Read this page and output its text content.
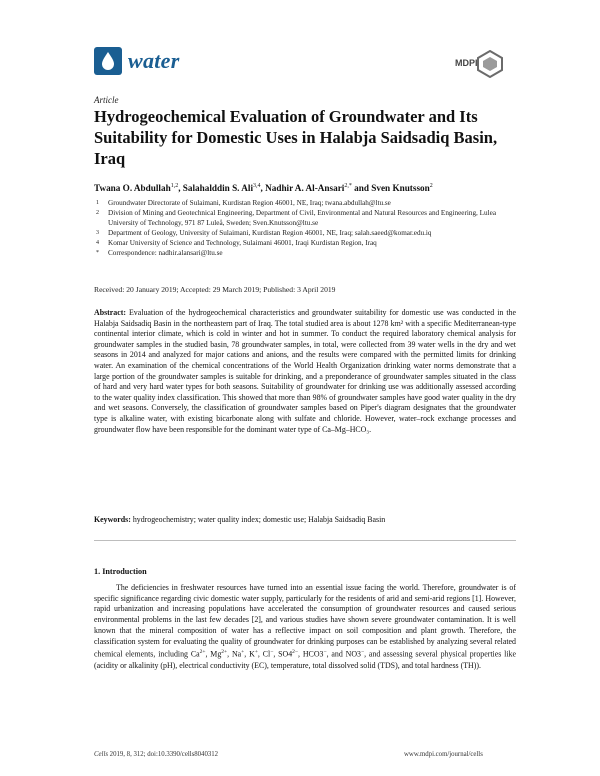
water	MDPI
Article
Hydrogeochemical Evaluation of Groundwater and Its Suitability for Domestic Uses in Halabja Saidsadiq Basin, Iraq
Twana O. Abdullah$^{1,2}$, Salahalddin S. Ali$^{3,4}$, Nadhir A. Al-Ansari$^{2,*}$ and Sven Knutsson$^2$
1 Groundwater Directorate of Sulaimani, Kurdistan Region 46001, NE, Iraq; twana.abdullah@ltu.se
2 Division of Mining and Geotechnical Engineering, Department of Civil, Environmental and Natural Resources and Engineering, Lulea University of Technology, 971 87 Luleå, Sweden; Sven.Knutsson@ltu.se
3 Department of Geology, University of Sulaimani, Kurdistan Region 46001, NE, Iraq; salah.saeed@komar.edu.iq
4 Komar University of Science and Technology, Sulaimani 46001, Iraqi Kurdistan Region, Iraq
* Correspondence: nadhir.alansari@ltu.se
Received: 20 January 2019; Accepted: 29 March 2019; Published: 3 April 2019

Abstract: Evaluation of the hydrogeochemical characteristics and groundwater suitability for domestic use was conducted in the Halabja Saidsadiq Basin in the northeastern part of Iraq. The total studied area is about 1278 km² with a specific Mediterranean-type continental interior climate, which is cold in winter and hot in summer. To conduct the required laboratory chemical analysis for groundwater samples in the studied basin, 78 groundwater samples, in total, were collected from 39 water wells in the dry and wet seasons in 2014 and analyzed for major cations and anions, and the results were compared with the permitted limits for drinking water. An examination of the chemical concentrations of the World Health Organization drinking water norms demonstrate that a large portion of the groundwater samples is suitable for drinking, and a preponderance of groundwater samples situated in the class of hard and very hard water types for both seasons. Suitability of groundwater for drinking use was additionally assessed according to the water quality index classification. This showed that more than 98% of groundwater samples have good water quality in the dry and wet seasons. Conversely, the classification of groundwater samples based on Piper's diagram designates that the groundwater type is alkaline water, with existing bicarbonate along with sulfate and chloride. However, water–rock exchange processes and groundwater flow have been responsible for the dominant water type of Ca–Mg–HCO₃.

Keywords: hydrogeochemistry; water quality index; domestic use; Halabja Saidsadiq Basin

1. Introduction

The deficiencies in freshwater resources have turned into an essential issue facing the world. Therefore, groundwater is of specific significance regarding civic domestic water supply, particularly for the residents of arid and semi-arid regions [1]. However, rapid urbanization and increasing populations have accelerated the consumption of groundwater resources and caused serious environmental problems in the last few decades [2], and various studies have shown severe groundwater contamination. It is well known that the mineral composition of water has a reflective impact on soil composition and plant growth. Therefore, the classification system for evaluating the quality of groundwater for drinking purposes can be established by analyzing several related chemical elements, including $Ca^{2+}$, $Mg^{2+}$, Na+, K+, Cl−, $SO4^{2-}$, HCO3−, and NO3−, and assessing several physical properties like (acidity or alkalinity (pH), electrical conductivity (EC), temperature, total dissolved solid (TDS), and total hardness (TH)).

Cells 2019, 8, 312; doi:10.3390/cells8040312	www.mdpi.com/journal/cells
